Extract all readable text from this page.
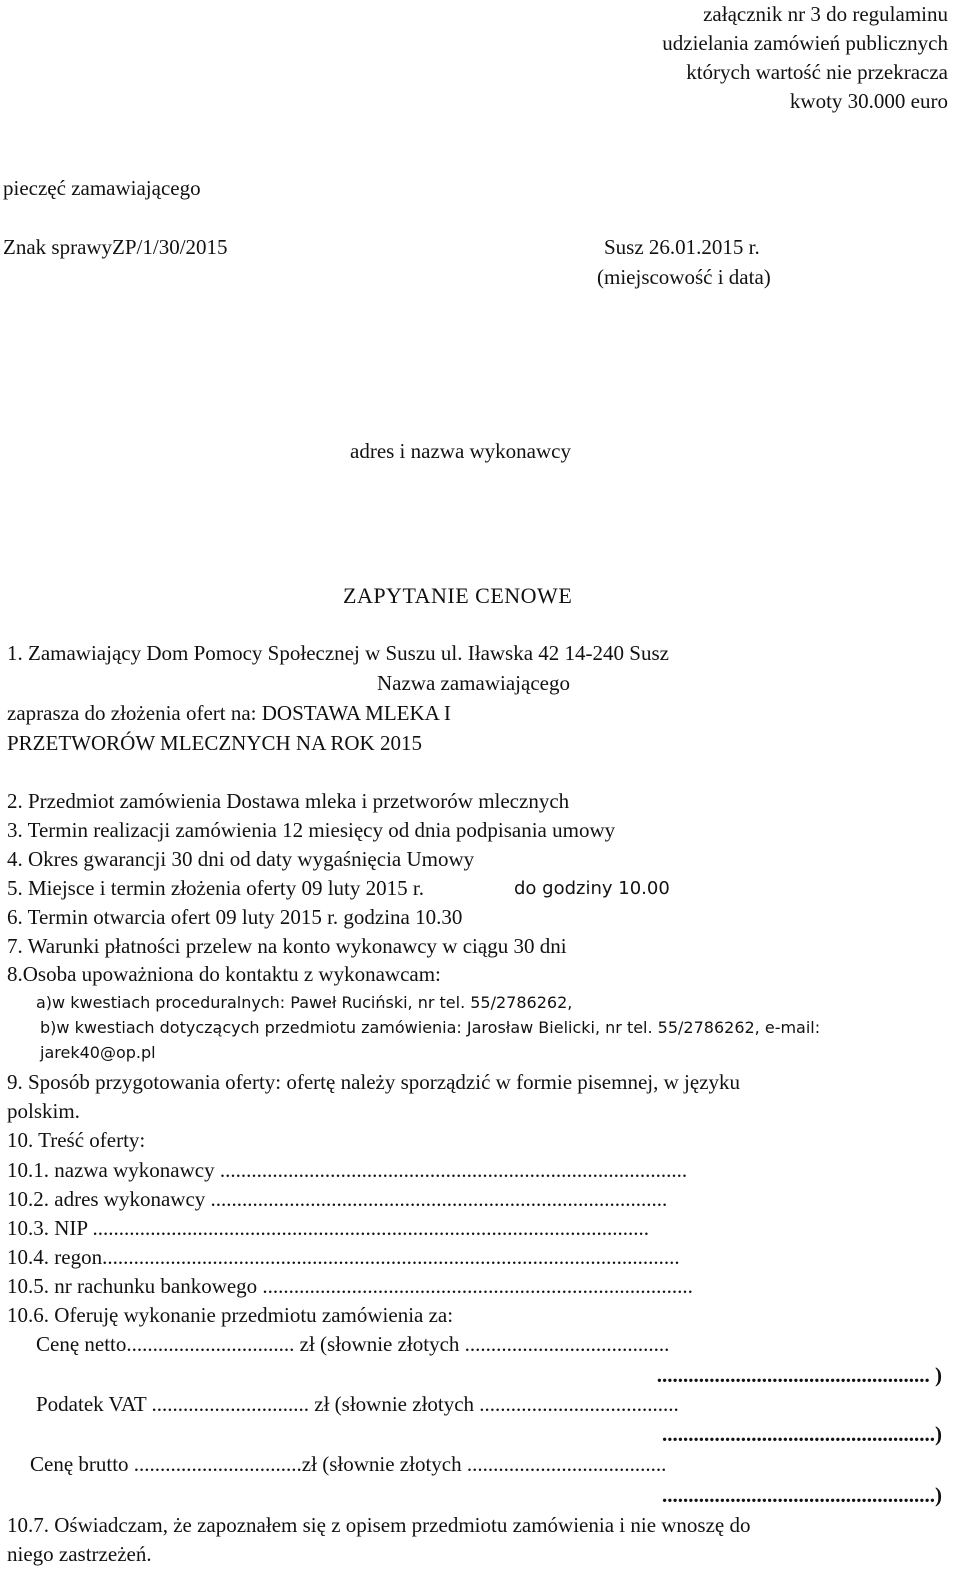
załącznik nr 3 do regulaminu
udzielania zamówień publicznych
których wartość nie przekracza
kwoty 30.000 euro
pieczęć zamawiającego
Znak sprawyZP/1/30/2015	Susz 26.01.2015 r.
(miejscowość i data)
adres i nazwa wykonawcy
ZAPYTANIE CENOWE
1. Zamawiający Dom Pomocy Społecznej w Suszu ul. Iławska 42 14-240 Susz
Nazwa zamawiającego
zaprasza do złożenia ofert na: DOSTAWA MLEKA I
PRZETWORÓW MLECZNYCH NA ROK 2015
2. Przedmiot zamówienia Dostawa mleka i przetworów mlecznych
3. Termin realizacji zamówienia 12 miesięcy od dnia podpisania umowy
4. Okres gwarancji 30 dni od daty wygaśnięcia Umowy
5. Miejsce i termin złożenia oferty 09 luty 2015 r.	do godziny 10.00
6. Termin otwarcia ofert 09 luty 2015 r. godzina 10.30
7. Warunki płatności przelew na konto wykonawcy w ciągu 30 dni
8.Osoba upoważniona do kontaktu z wykonawcam:
a)w kwestiach proceduralnych: Paweł Ruciński, nr tel. 55/2786262,
b)w kwestiach dotyczących przedmiotu zamówienia: Jarosław Bielicki, nr tel. 55/2786262, e-mail:
jarek40@op.pl
9. Sposób przygotowania oferty: ofertę należy sporządzić w formie pisemnej, w języku
polskim.
10. Treść oferty:
10.1. nazwa wykonawcy .........................................................................................
10.2. adres wykonawcy .......................................................................................
10.3. NIP ..........................................................................................................
10.4. regon..............................................................................................................
10.5. nr rachunku bankowego ..................................................................................
10.6. Oferuję wykonanie przedmiotu zamówienia za:
Cenę netto................................ zł (słownie złotych .......................................
.................................................... )
Podatek VAT .............................. zł (słownie złotych ......................................
....................................................)
Cenę brutto ................................zł (słownie złotych ......................................
....................................................)
10.7. Oświadczam, że zapoznałem się z opisem przedmiotu zamówienia i nie wnoszę do
niego zastrzeżeń.
